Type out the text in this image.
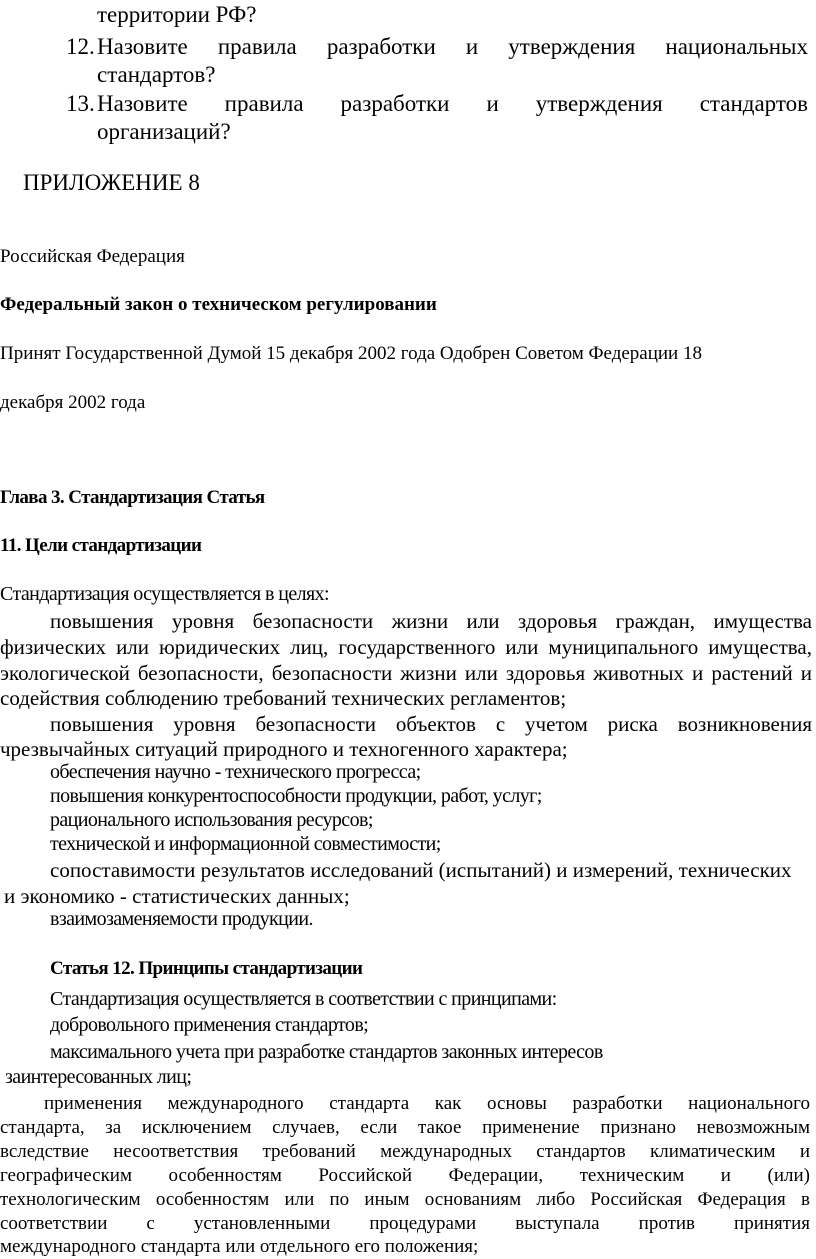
территории РФ?
12. Назовите правила разработки и утверждения национальных
стандартов?
13. Назовите правила разработки и утверждения стандартов
организаций?
ПРИЛОЖЕНИЕ 8
Российская Федерация
Федеральный закон о техническом регулировании
Принят Государственной Думой 15 декабря 2002 года Одобрен Советом Федерации 18
декабря 2002 года
Глава 3. Стандартизация Статья
11. Цели стандартизации
Стандартизация осуществляется в целях:
повышения уровня безопасности жизни или здоровья граждан, имущества
физических или юридических лиц, государственного или муниципального имущества,
экологической безопасности, безопасности жизни или здоровья животных и растений и
содействия соблюдению требований технических регламентов;
повышения уровня безопасности объектов с учетом риска возникновения
чрезвычайных ситуаций природного и техногенного характера;
обеспечения научно - технического прогресса;
повышения конкурентоспособности продукции, работ, услуг;
рационального использования ресурсов;
технической и информационной совместимости;
сопоставимости результатов исследований (испытаний) и измерений, технических
и экономико - статистических данных;
взаимозаменяемости продукции.
Статья 12. Принципы стандартизации
Стандартизация осуществляется в соответствии с принципами:
добровольного применения стандартов;
максимального учета при разработке стандартов законных интересов
заинтересованных лиц;
применения международного стандарта как основы разработки национального
стандарта, за исключением случаев, если такое применение признано невозможным
вследствие несоответствия требований международных стандартов климатическим и
географическим особенностям Российской Федерации, техническим и (или)
технологическим особенностям или по иным основаниям либо Российская Федерация в
соответствии с установленными процедурами выступала против принятия
международного стандарта или отдельного его положения;
